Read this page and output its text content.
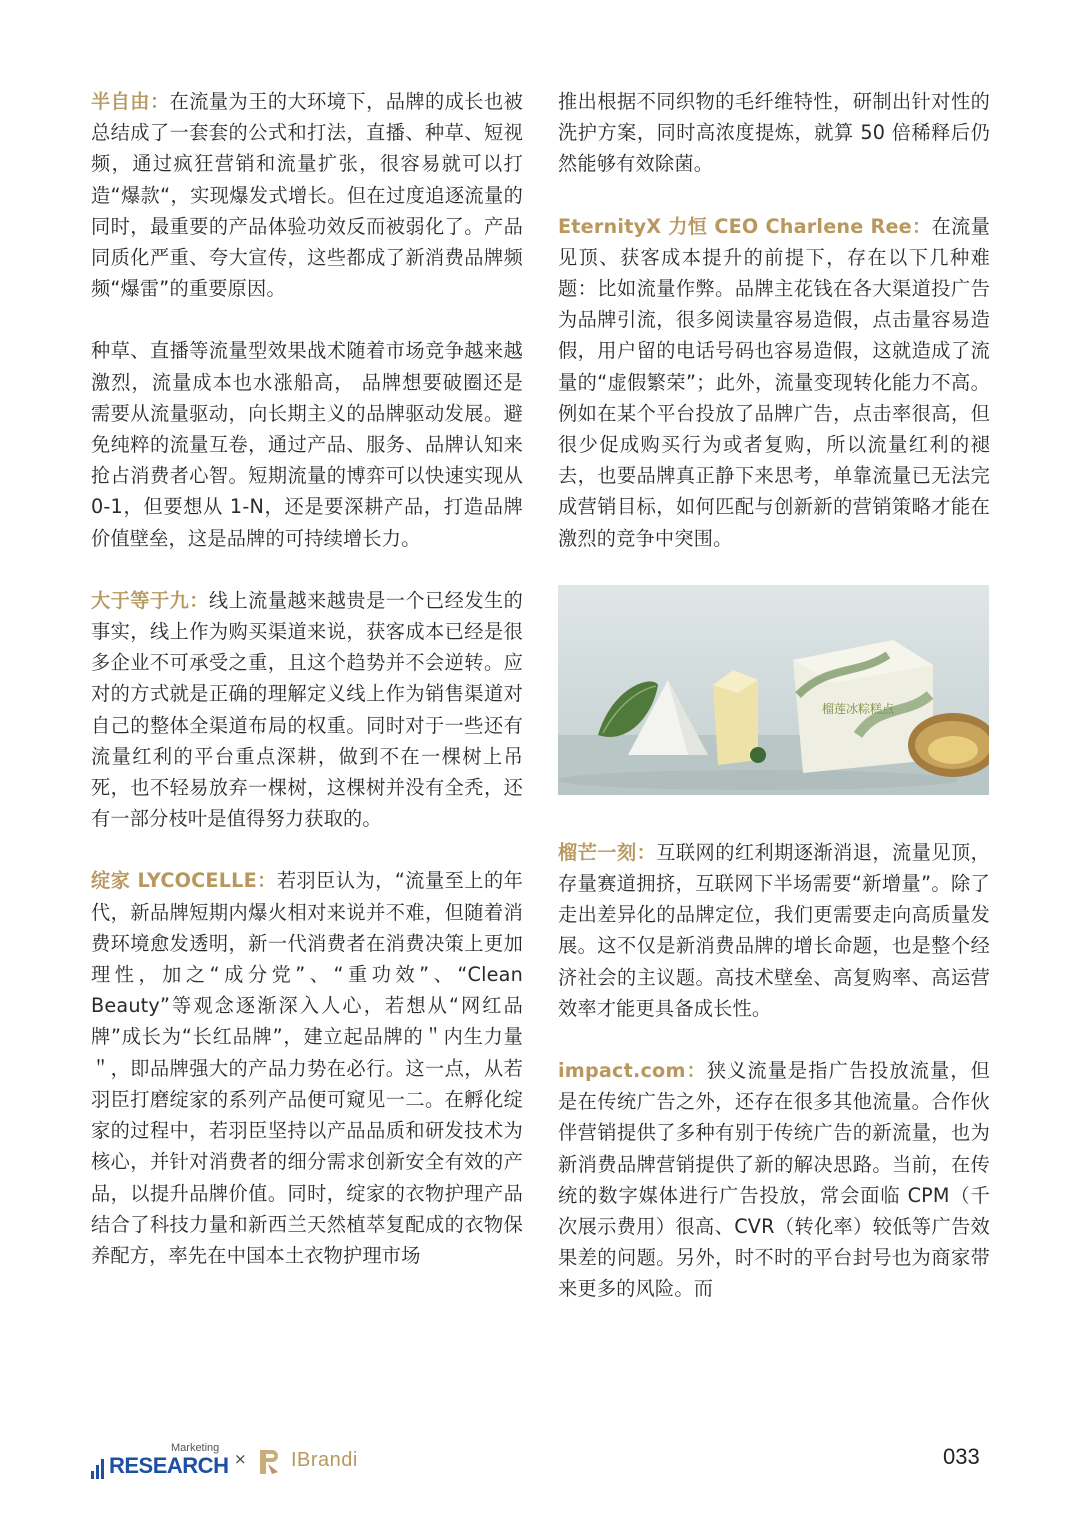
半自由：在流量为王的大环境下，品牌的成长也被总结成了一套套的公式和打法，直播、种草、短视频，通过疯狂营销和流量扩张，很容易就可以打造“爆款“，实现爆发式增长。但在过度追逐流量的同时，最重要的产品体验功效反而被弱化了。产品同质化严重、夸大宣传，这些都成了新消费品牌频频“爆雷”的重要原因。

种草、直播等流量型效果战术随着市场竞争越来越激烈，流量成本也水涨船高， 品牌想要破圈还是需要从流量驱动，向长期主义的品牌驱动发展。避免纯粹的流量互卷，通过产品、服务、品牌认知来抢占消费者心智。短期流量的博弈可以快速实现从 0-1，但要想从 1-N，还是要深耕产品，打造品牌价值壁垒，这是品牌的可持续增长力。

大于等于九：线上流量越来越贵是一个已经发生的事实，线上作为购买渠道来说，获客成本已经是很多企业不可承受之重，且这个趋势并不会逆转。应对的方式就是正确的理解定义线上作为销售渠道对自己的整体全渠道布局的权重。同时对于一些还有流量红利的平台重点深耕，做到不在一棵树上吊死，也不轻易放弃一棵树，这棵树并没有全秃，还有一部分枝叶是值得努力获取的。

绽家 LYCOCELLE：若羽臣认为，“流量至上的年代，新品牌短期内爆火相对来说并不难，但随着消费环境愈发透明，新一代消费者在消费决策上更加理性，加之“成分党”、“重功效”、“Clean Beauty”等观念逐渐深入人心，若想从“网红品牌”成长为“长红品牌”，建立起品牌的＂内生力量＂，即品牌强大的产品力势在必行。这一点，从若羽臣打磨绽家的系列产品便可窥见一二。在孵化绽家的过程中，若羽臣坚持以产品品质和研发技术为核心，并针对消费者的细分需求创新安全有效的产品，以提升品牌价值。同时，绽家的衣物护理产品结合了科技力量和新西兰天然植萃复配成的衣物保养配方，率先在中国本土衣物护理市场

推出根据不同织物的毛纤维特性，研制出针对性的洗护方案，同时高浓度提炼，就算 50 倍稀释后仍然能够有效除菌。

EternityX 力恒 CEO Charlene Ree：在流量见顶、获客成本提升的前提下，存在以下几种难题：比如流量作弊。品牌主花钱在各大渠道投广告为品牌引流，很多阅读量容易造假，点击量容易造假，用户留的电话号码也容易造假，这就造成了流量的“虚假繁荣”；此外，流量变现转化能力不高。例如在某个平台投放了品牌广告，点击率很高，但很少促成购买行为或者复购，所以流量红利的褪去，也要品牌真正静下来思考，单靠流量已无法完成营销目标，如何匹配与创新新的营销策略才能在激烈的竞争中突围。

榴莲冰粽糕点

榴芒一刻：互联网的红利期逐渐消退，流量见顶，存量赛道拥挤，互联网下半场需要“新增量”。除了走出差异化的品牌定位，我们更需要走向高质量发展。这不仅是新消费品牌的增长命题，也是整个经济社会的主议题。高技术壁垒、高复购率、高运营效率才能更具备成长性。

impact.com：狭义流量是指广告投放流量，但是在传统广告之外，还存在很多其他流量。合作伙伴营销提供了多种有别于传统广告的新流量，也为新消费品牌营销提供了新的解决思路。当前，在传统的数字媒体进行广告投放，常会面临 CPM（千次展示费用）很高、CVR（转化率）较低等广告效果差的问题。另外，时不时的平台封号也为商家带来更多的风险。而

Marketing
RESEARCH × IBrandi	033
